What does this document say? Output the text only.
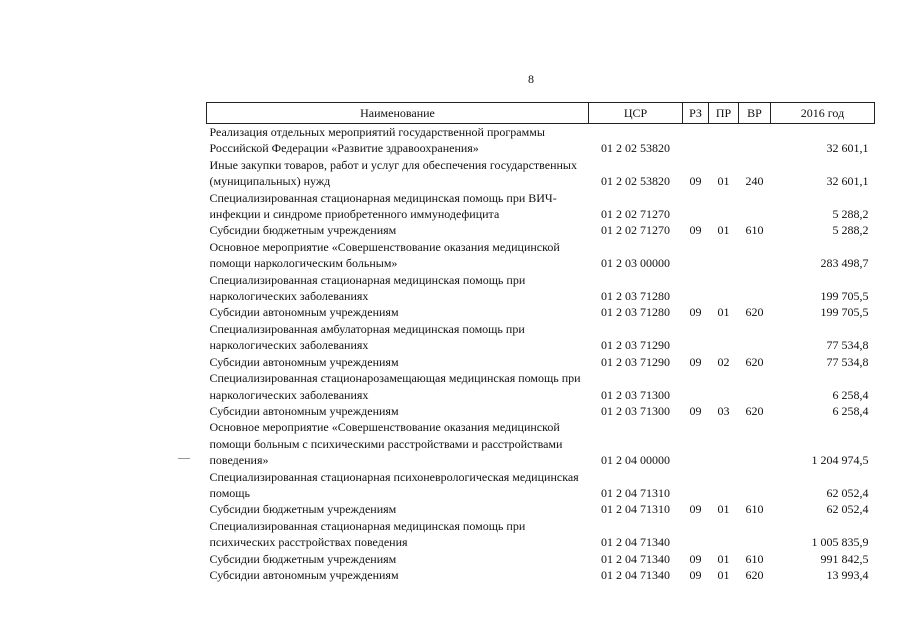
8
Наименование	ЦСР	РЗ	ПР	ВР	2016 год
Реализация отдельных мероприятий государственной программы Российской Федерации «Развитие здравоохранения»	01 2 02 53820				32 601,1
Иные закупки товаров, работ и услуг для обеспечения государственных (муниципальных) нужд	01 2 02 53820	09	01	240	32 601,1
Специализированная стационарная медицинская помощь при ВИЧ-инфекции и синдроме приобретенного иммунодефицита	01 2 02 71270				5 288,2
Субсидии бюджетным учреждениям	01 2 02 71270	09	01	610	5 288,2
Основное мероприятие «Совершенствование оказания медицинской помощи наркологическим больным»	01 2 03 00000				283 498,7
Специализированная стационарная медицинская помощь при наркологических заболеваниях	01 2 03 71280				199 705,5
Субсидии автономным учреждениям	01 2 03 71280	09	01	620	199 705,5
Специализированная амбулаторная медицинская помощь при наркологических заболеваниях	01 2 03 71290				77 534,8
Субсидии автономным учреждениям	01 2 03 71290	09	02	620	77 534,8
Специализированная стационарозамещающая медицинская помощь при наркологических заболеваниях	01 2 03 71300				6 258,4
Субсидии автономным учреждениям	01 2 03 71300	09	03	620	6 258,4
Основное мероприятие «Совершенствование оказания медицинской помощи больным с психическими расстройствами и расстройствами поведения»	01 2 04 00000				1 204 974,5
Специализированная стационарная психоневрологическая медицинская помощь	01 2 04 71310				62 052,4
Субсидии бюджетным учреждениям	01 2 04 71310	09	01	610	62 052,4
Специализированная стационарная медицинская помощь при психических расстройствах поведения	01 2 04 71340				1 005 835,9
Субсидии бюджетным учреждениям	01 2 04 71340	09	01	610	991 842,5
Субсидии автономным учреждениям	01 2 04 71340	09	01	620	13 993,4
